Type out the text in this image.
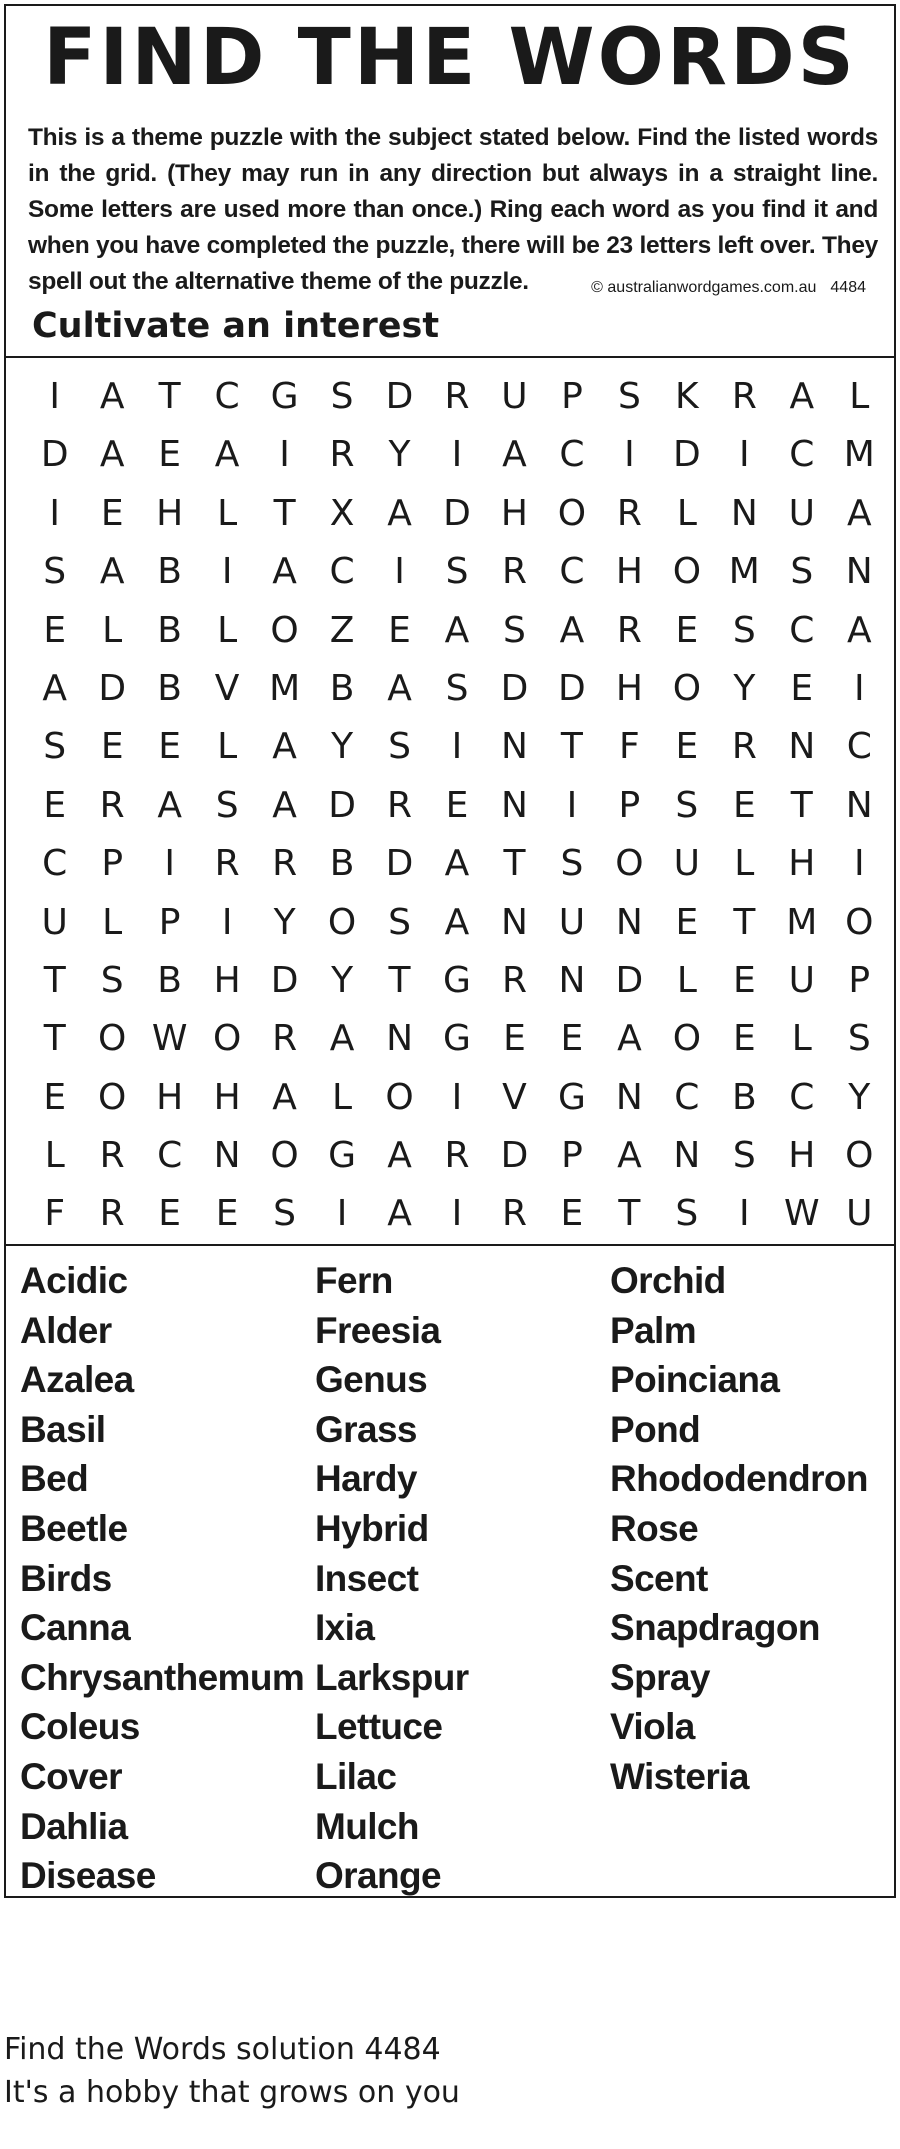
FIND THE WORDS
This is a theme puzzle with the subject stated below. Find the listed words in the grid. (They may run in any direction but always in a straight line. Some letters are used more than once.) Ring each word as you find it and when you have completed the puzzle, there will be 23 letters left over. They spell out the alternative theme of the puzzle.	© australianwordgames.com.au 4484
Cultivate an interest
I	A T C G S D R U P S K R A L
D A E A	I	R Y	I	A C	I	D	I	C M
I	E H L	T X A D H O R L N U A
S A B	I	A C	I	S R C H O M S N
E	L B L O Z E A S A R E S C A
A D B V M B A S D D H O Y E	I
S E E	L A Y S	I	N T	F E R N C
E R A S A D R E N	I	P S E T N
C P	I	R R B D A T S O U L H	I
U L	P	I	Y O S A N U N E T M O
T S B H D Y T G R N D L	E U P
T O W O R A N G E E A O E	L	S
E O H H A L O	I	V G N C B C Y
L R C N O G A R D P A N S H O
F R E E S	I	A	I	R E T S	I W U
Acidic
Alder
Azalea
Basil
Bed
Beetle
Birds
Canna
Chrysanthemum
Coleus
Cover
Dahlia
Disease
Fern
Freesia
Genus
Grass
Hardy
Hybrid
Insect
Ixia
Larkspur
Lettuce
Lilac
Mulch
Orange
Orchid
Palm
Poinciana
Pond
Rhododendron
Rose
Scent
Snapdragon
Spray
Viola
Wisteria
Find the Words solution 4484
It's a hobby that grows on you
